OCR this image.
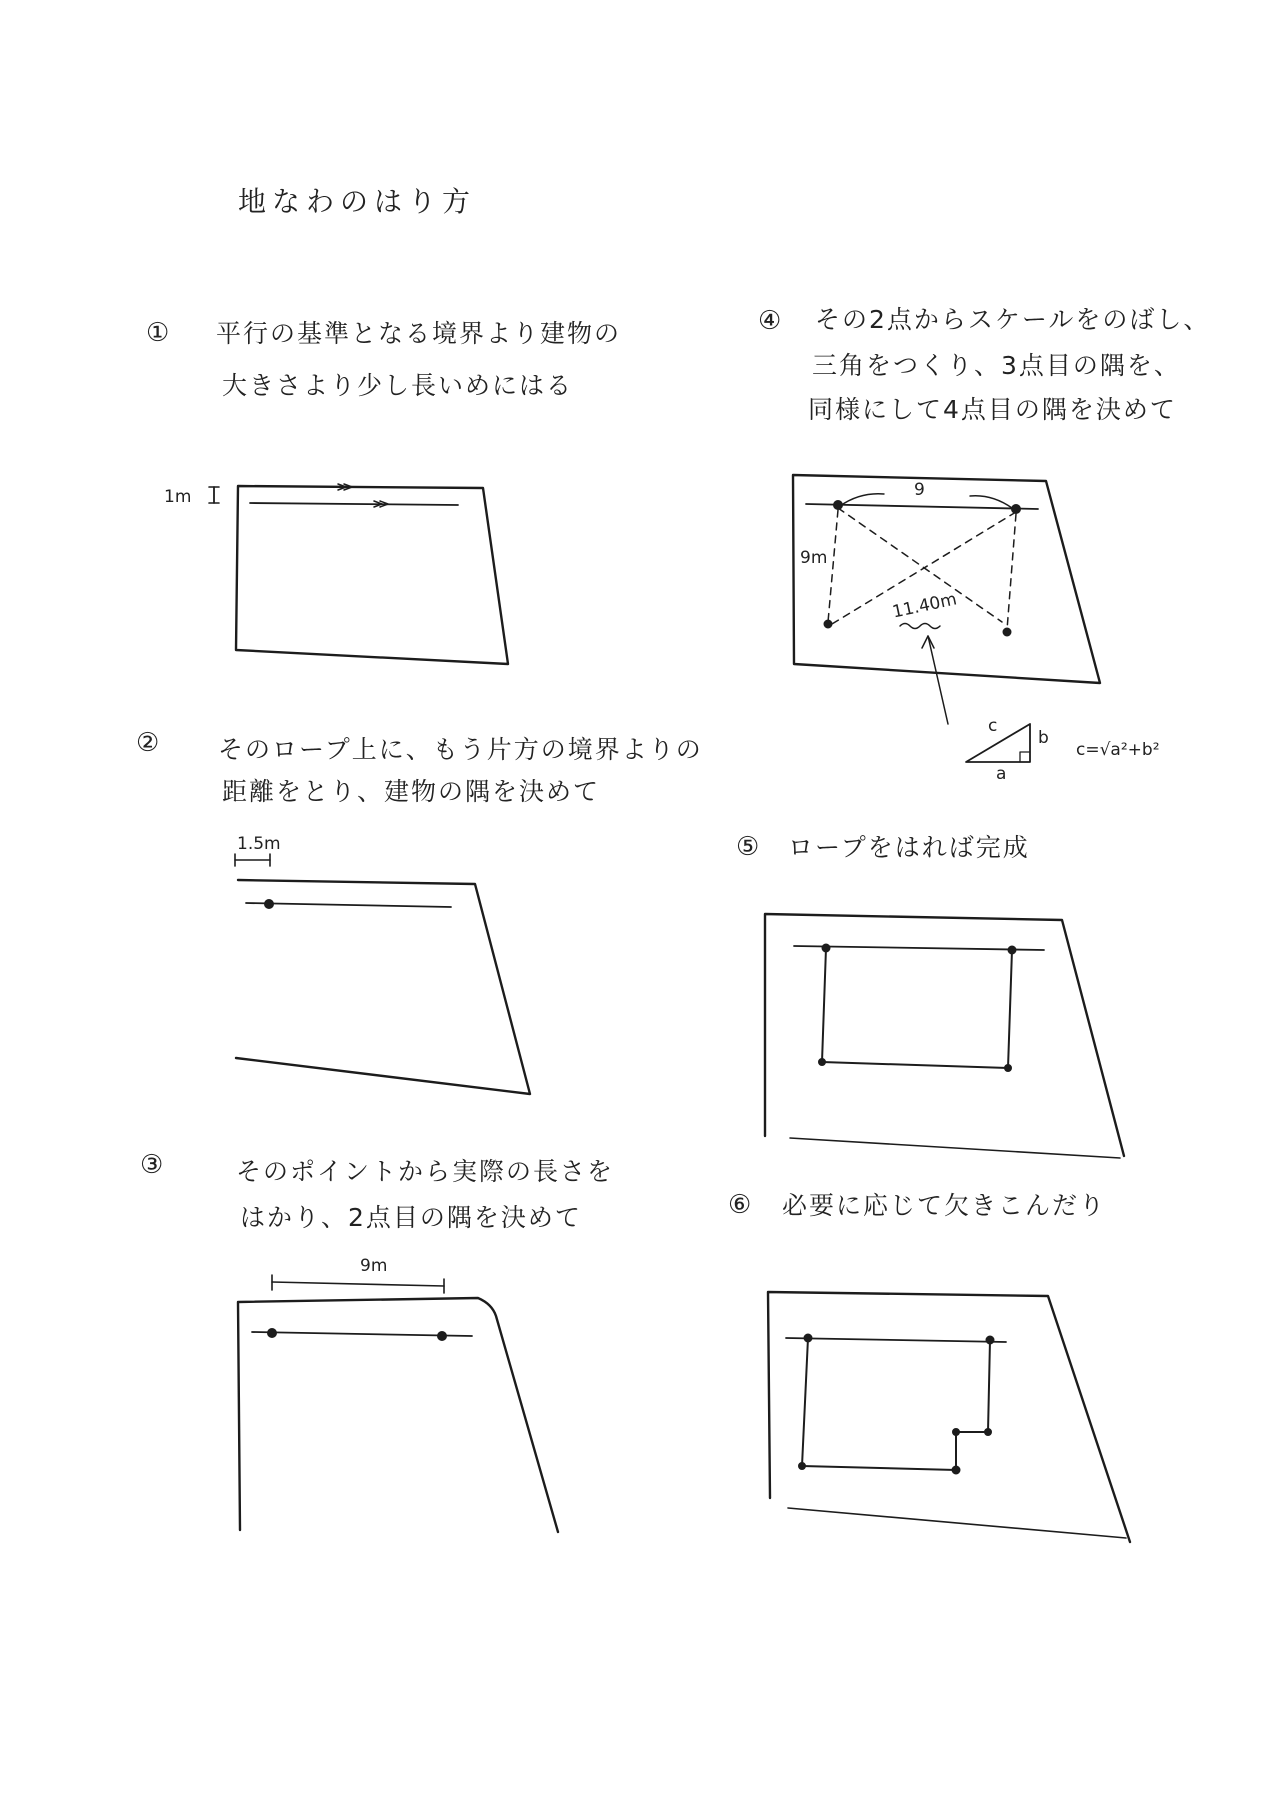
地なわのはり方
① 平行の基準となる境界より建物の
大きさより少し長いめにはる
1m
② そのロープ上に、もう片方の境界よりの
距離をとり、建物の隅を決めて
1.5m
③	そのポイントから実際の長さを
はかり、2点目の隅を決めて
9m
④ その2点からスケールをのばし、
三角をつくり、3点目の隅を、
同様にして4点目の隅を決めて
9
9m
11.40m
c
b
a
c=√a²+b²
⑤ ロープをはれば完成
⑥ 必要に応じて欠きこんだり
